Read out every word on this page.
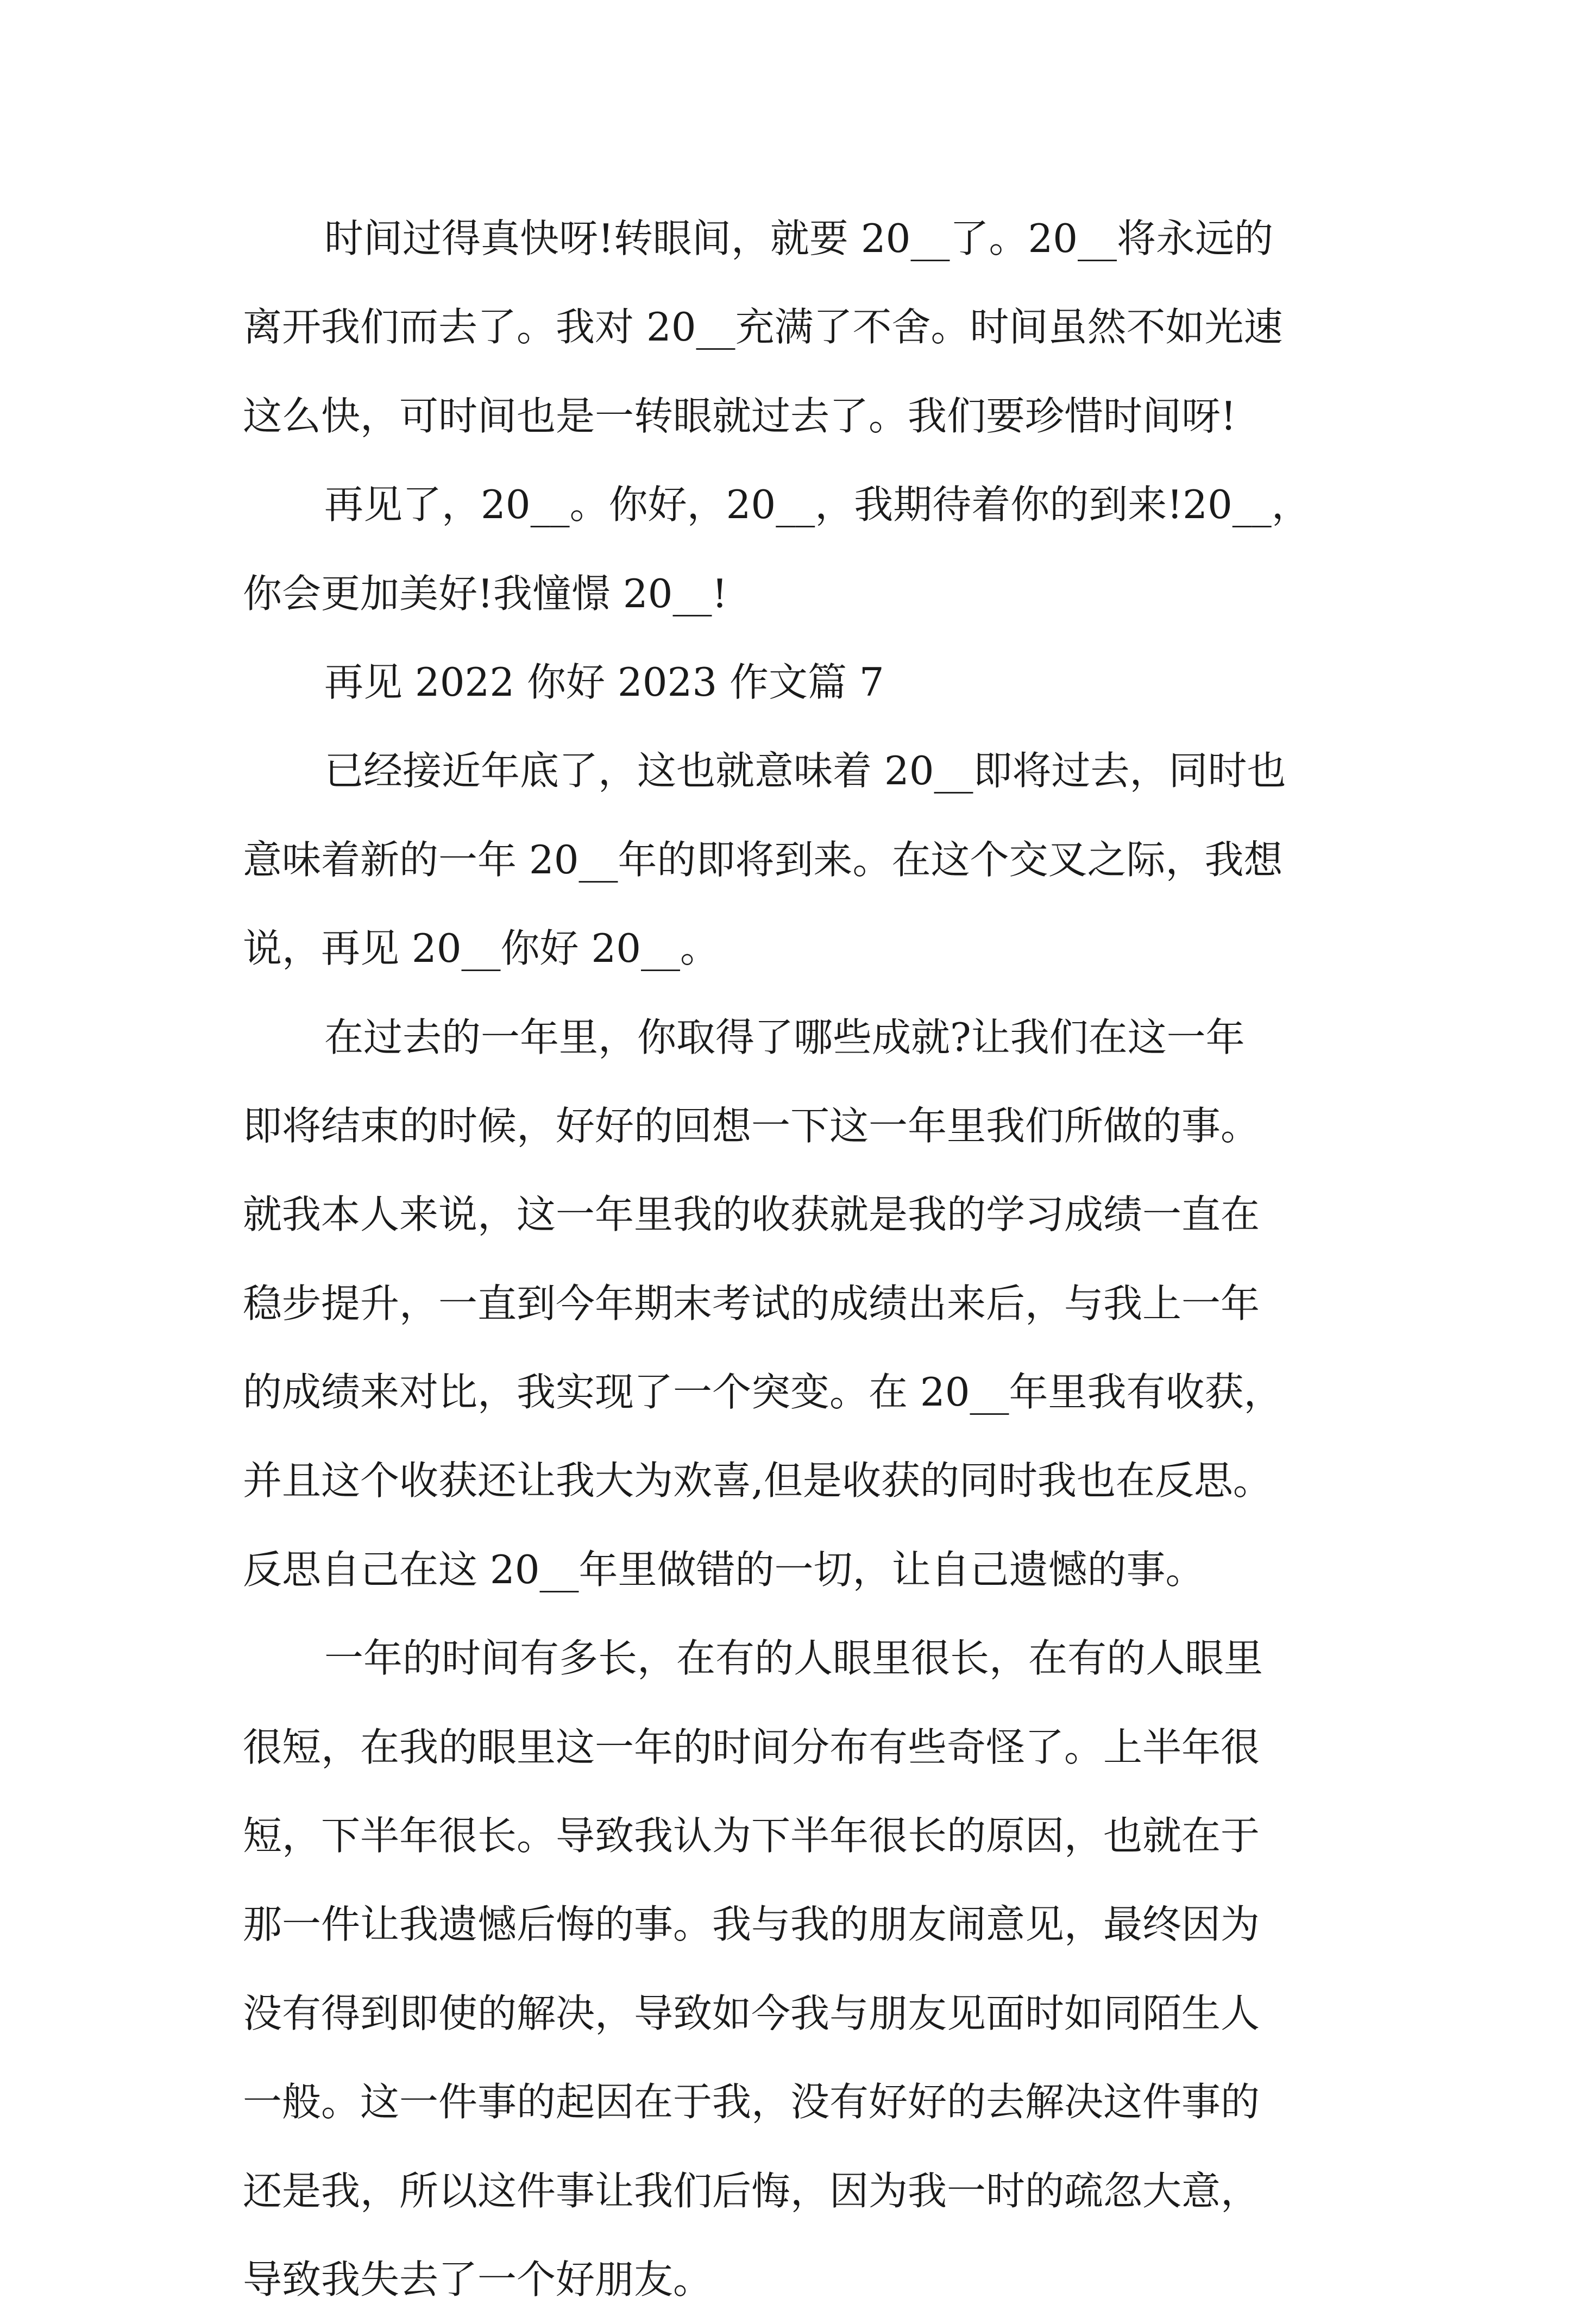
时间过得真快呀!转眼间，就要 20__了。20__将永远的
离开我们而去了。我对 20__充满了不舍。时间虽然不如光速
这么快，可时间也是一转眼就过去了。我们要珍惜时间呀!
再见了，20__。你好，20__，我期待着你的到来!20__，
你会更加美好!我憧憬 20__!
再见 2022 你好 2023 作文篇 7
已经接近年底了，这也就意味着 20__即将过去，同时也
意味着新的一年 20__年的即将到来。在这个交叉之际，我想
说，再见 20__你好 20__。
在过去的一年里，你取得了哪些成就?让我们在这一年
即将结束的时候，好好的回想一下这一年里我们所做的事。
就我本人来说，这一年里我的收获就是我的学习成绩一直在
稳步提升，一直到今年期末考试的成绩出来后，与我上一年
的成绩来对比，我实现了一个突变。在 20__年里我有收获，
并且这个收获还让我大为欢喜,但是收获的同时我也在反思。
反思自己在这 20__年里做错的一切，让自己遗憾的事。
一年的时间有多长，在有的人眼里很长，在有的人眼里
很短，在我的眼里这一年的时间分布有些奇怪了。上半年很
短，下半年很长。导致我认为下半年很长的原因，也就在于
那一件让我遗憾后悔的事。我与我的朋友闹意见，最终因为
没有得到即使的解决，导致如今我与朋友见面时如同陌生人
一般。这一件事的起因在于我，没有好好的去解决这件事的
还是我，所以这件事让我们后悔，因为我一时的疏忽大意，
导致我失去了一个好朋友。
